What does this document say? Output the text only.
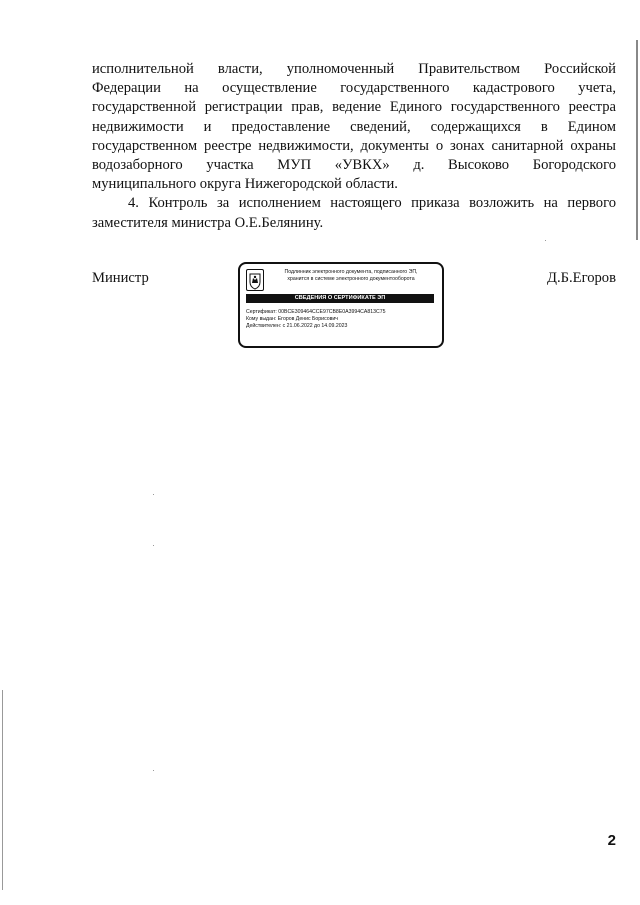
исполнительной власти, уполномоченный Правительством Российской

Федерации на осуществление государственного кадастрового учета,

государственной регистрации прав, ведение Единого государственного реестра

недвижимости и предоставление сведений, содержащихся в Едином

государственном реестре недвижимости, документы о зонах санитарной охраны

водозаборного участка МУП «УВКХ» д. Высоково Богородского

муниципального округа Нижегородской области.

4. Контроль за исполнением настоящего приказа возложить на первого

заместителя министра О.Е.Белянину.

Министр	Подлинник электронного документа, подписанного ЭП,
хранится в системе электронного документооборота
СВЕДЕНИЯ О СЕРТИФИКАТЕ ЭП
Сертификат: 00BCE309464CCE97CB8E0A3994CA813C75
Кому выдан: Егоров Денис Борисович
Действителен: с 21.06.2022 до 14.09.2023
Д.Б.Егоров
2
